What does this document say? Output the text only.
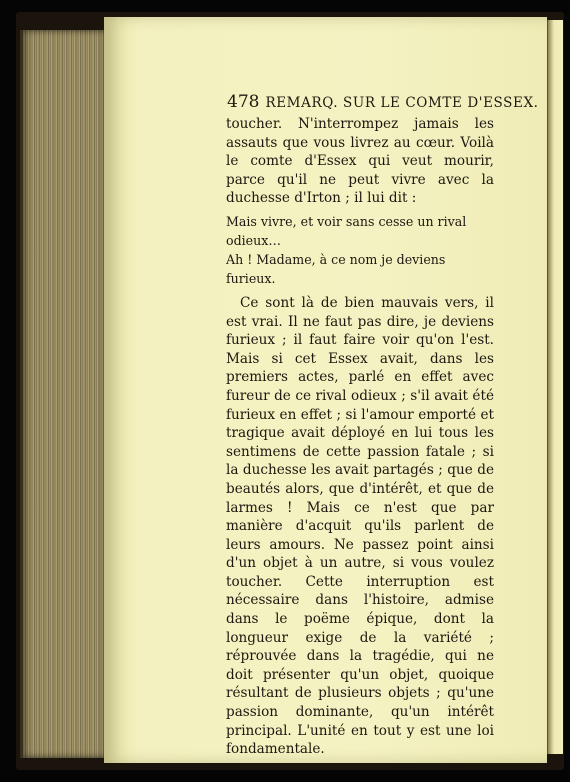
478 REMARQ. SUR LE COMTE D'ESSEX.

toucher. N'interrompez jamais les assauts que vous livrez au cœur. Voilà le comte d'Essex qui veut mourir, parce qu'il ne peut vivre avec la duchesse d'Irton ; il lui dit :

Mais vivre, et voir sans cesse un rival odieux…
Ah ! Madame, à ce nom je deviens furieux.

Ce sont là de bien mauvais vers, il est vrai. Il ne faut pas dire, je deviens furieux ; il faut faire voir qu'on l'est. Mais si cet Essex avait, dans les premiers actes, parlé en effet avec fureur de ce rival odieux ; s'il avait été furieux en effet ; si l'amour emporté et tragique avait déployé en lui tous les sentimens de cette passion fatale ; si la duchesse les avait partagés ; que de beautés alors, que d'intérêt, et que de larmes ! Mais ce n'est que par manière d'acquit qu'ils parlent de leurs amours. Ne passez point ainsi d'un objet à un autre, si vous voulez toucher. Cette interruption est nécessaire dans l'histoire, admise dans le poëme épique, dont la longueur exige de la variété ; réprouvée dans la tragédie, qui ne doit présenter qu'un objet, quoique résultant de plusieurs objets ; qu'une passion dominante, qu'un intérêt principal. L'unité en tout y est une loi fondamentale.
